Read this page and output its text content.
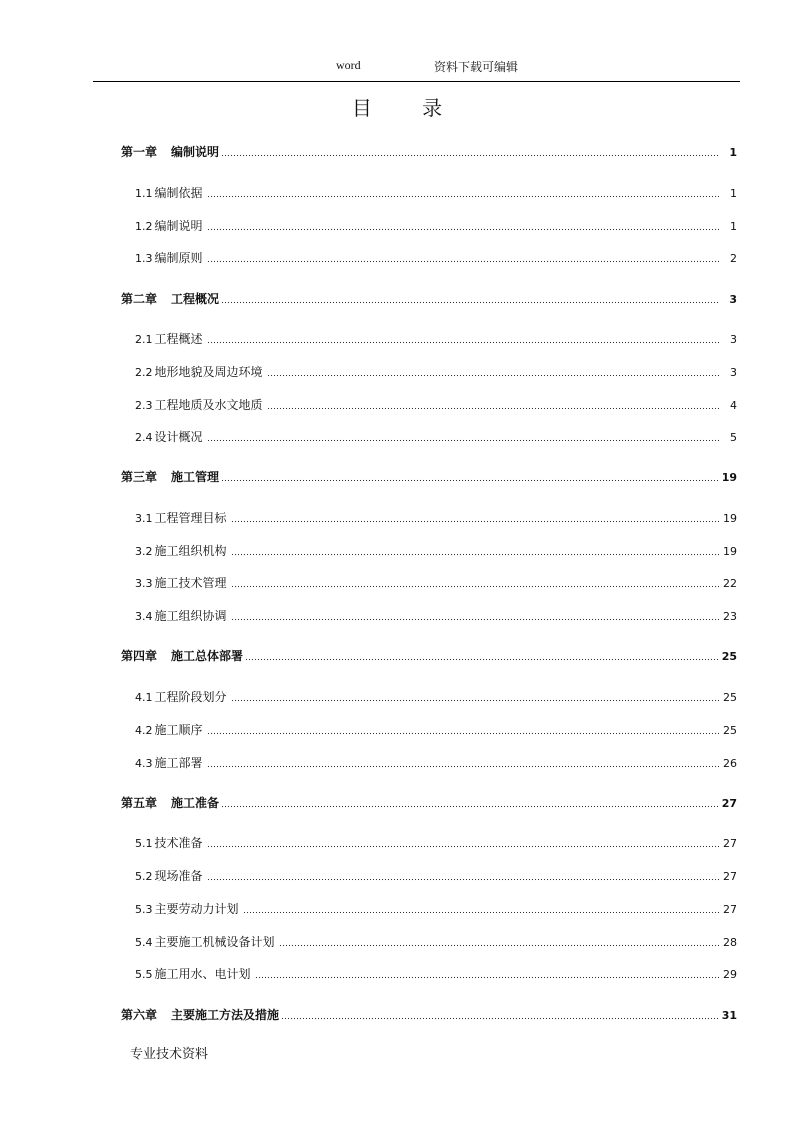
word	资料下载可编辑
目 录
第一章 编制说明	1
1.1 编制依据	1
1.2 编制说明	1
1.3 编制原则	2
第二章 工程概况	3
2.1 工程概述	3
2.2 地形地貌及周边环境	3
2.3 工程地质及水文地质	4
2.4 设计概况	5
第三章 施工管理	19
3.1 工程管理目标	19
3.2 施工组织机构	19
3.3 施工技术管理	22
3.4 施工组织协调	23
第四章 施工总体部署	25
4.1 工程阶段划分	25
4.2 施工顺序	25
4.3 施工部署	26
第五章 施工准备	27
5.1 技术准备	27
5.2 现场准备	27
5.3 主要劳动力计划	27
5.4 主要施工机械设备计划	28
5.5 施工用水、电计划	29
第六章 主要施工方法及措施	31
专业技术资料
